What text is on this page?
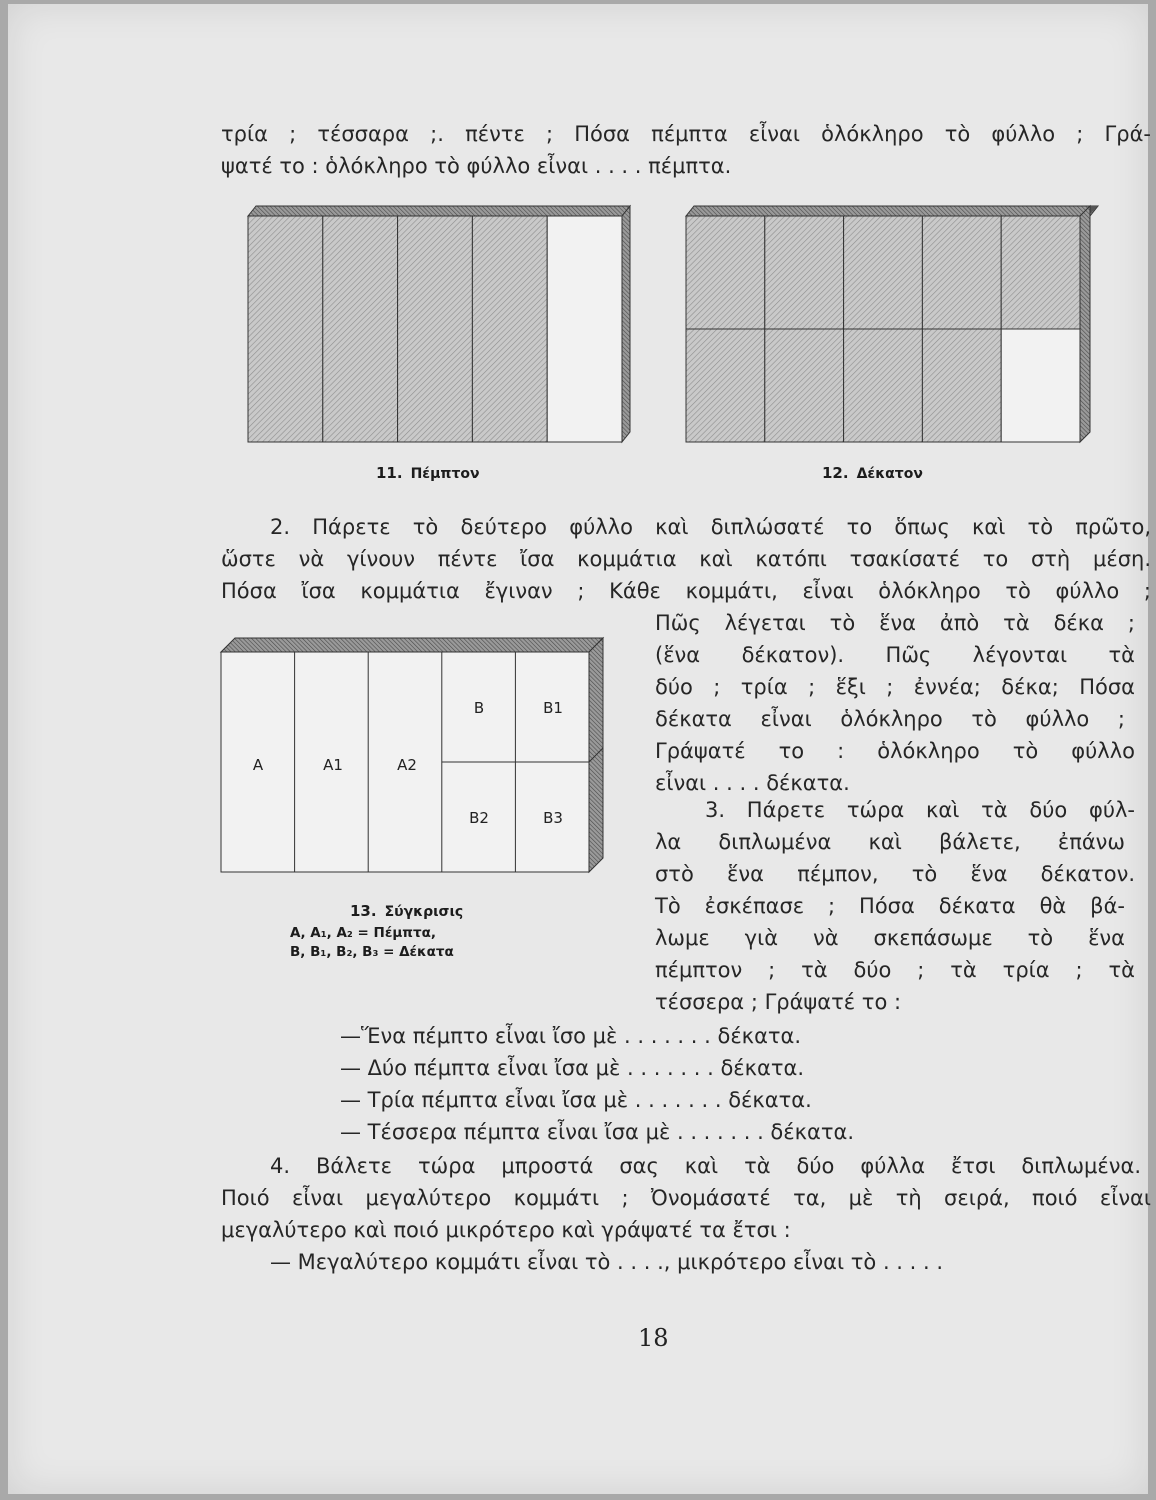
τρία ; τέσσαρα ;. πέντε ; Πόσα πέμπτα εἶναι ὁλόκληρο τὸ φύλλο ; Γρά-
ψατέ το : ὁλόκληρο τὸ φύλλο εἶναι . . . . πέμπτα.
11. Πέμπτον	12. Δέκατον
2. Πάρετε τὸ δεύτερο φύλλο καὶ διπλώσατέ το ὅπως καὶ τὸ πρῶτο,
ὥστε νὰ γίνουν πέντε ἴσα κομμάτια καὶ κατόπι τσακίσατέ το στὴ μέση.
Πόσα ἴσα κομμάτια ἔγιναν ; Κάθε κομμάτι, εἶναι ὁλόκληρο τὸ φύλλο ;
Πῶς λέγεται τὸ ἕνα ἀπὸ τὰ δέκα ;
(ἕνα δέκατον). Πῶς λέγονται τὰ
δύο ; τρία ; ἕξι ; ἐννέα; δέκα; Πόσα
δέκατα εἶναι ὁλόκληρο τὸ φύλλο ;
Γράψατέ το : ὁλόκληρο τὸ φύλλο
εἶναι . . . . δέκατα.
A	A1	A2
B	B1
B2	B3
13. Σύγκρισις
Α, Α₁, Α₂ = Πέμπτα,
Β, Β₁, Β₂, Β₃ = Δέκατα
3. Πάρετε τώρα καὶ τὰ δύο φύλ-
λα διπλωμένα καὶ βάλετε, ἐπάνω
στὸ ἕνα πέμπον, τὸ ἕνα δέκατον.
Τὸ ἐσκέπασε ; Πόσα δέκατα θὰ βά-
λωμε γιὰ νὰ σκεπάσωμε τὸ ἕνα
πέμπτον ; τὰ δύο ; τὰ τρία ; τὰ
τέσσερα ; Γράψατέ το :
—Ἕνα πέμπτο εἶναι ἴσο μὲ . . . . . . . δέκατα.
— Δύο πέμπτα εἶναι ἴσα μὲ . . . . . . . δέκατα.
— Τρία πέμπτα εἶναι ἴσα μὲ . . . . . . . δέκατα.
— Τέσσερα πέμπτα εἶναι ἴσα μὲ . . . . . . . δέκατα.
4. Βάλετε τώρα μπροστά σας καὶ τὰ δύο φύλλα ἔτσι διπλωμένα.
Ποιό εἶναι μεγαλύτερο κομμάτι ; Ὀνομάσατέ τα, μὲ τὴ σειρά, ποιό εἶναι
μεγαλύτερο καὶ ποιό μικρότερο καὶ γράψατέ τα ἔτσι :
— Μεγαλύτερο κομμάτι εἶναι τὸ . . . ., μικρότερο εἶναι τὸ . . . . .
18
